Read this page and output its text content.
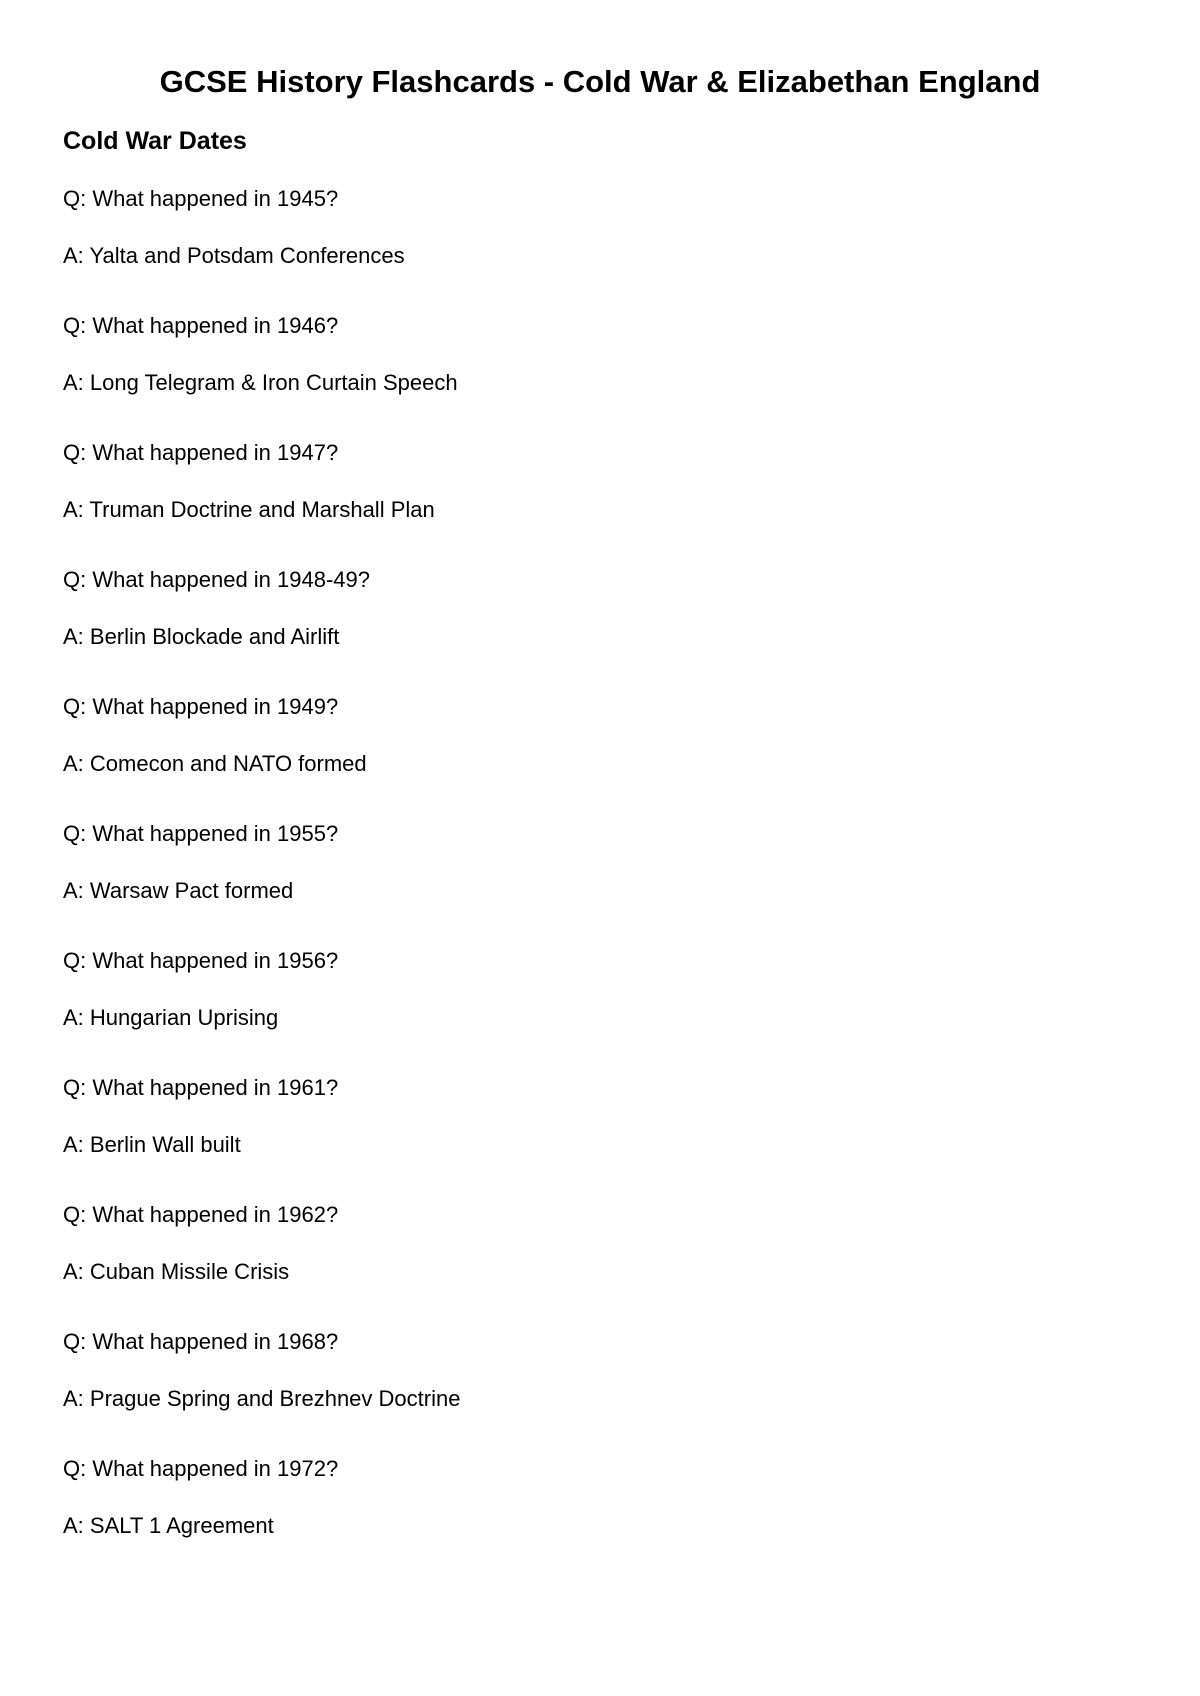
GCSE History Flashcards - Cold War & Elizabethan England
Cold War Dates
Q: What happened in 1945?
A: Yalta and Potsdam Conferences
Q: What happened in 1946?
A: Long Telegram & Iron Curtain Speech
Q: What happened in 1947?
A: Truman Doctrine and Marshall Plan
Q: What happened in 1948-49?
A: Berlin Blockade and Airlift
Q: What happened in 1949?
A: Comecon and NATO formed
Q: What happened in 1955?
A: Warsaw Pact formed
Q: What happened in 1956?
A: Hungarian Uprising
Q: What happened in 1961?
A: Berlin Wall built
Q: What happened in 1962?
A: Cuban Missile Crisis
Q: What happened in 1968?
A: Prague Spring and Brezhnev Doctrine
Q: What happened in 1972?
A: SALT 1 Agreement
